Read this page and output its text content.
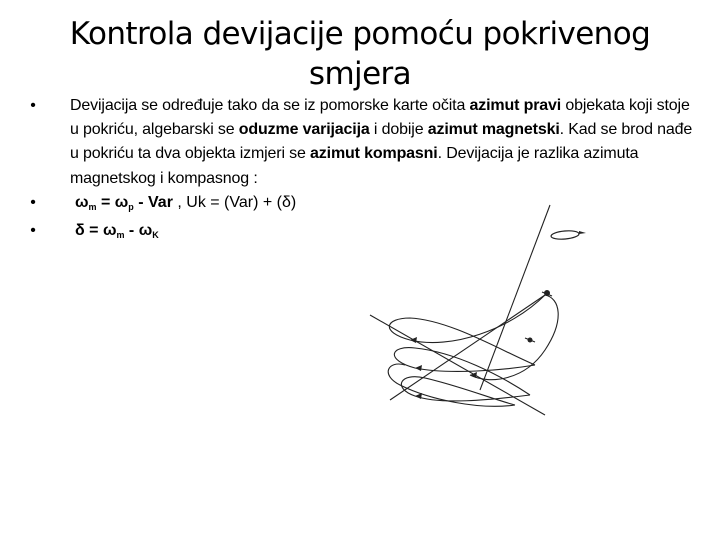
Kontrola devijacije pomoću pokrivenog
smjera
• Devijacija se određuje tako da se iz pomorske karte očita azimut pravi objekata koji stoje u pokriću, algebarski se oduzme varijacija i dobije azimut magnetski. Kad se brod nađe u pokriću ta dva objekta izmjeri se azimut kompasni. Devijacija je razlika azimuta magnetskog i kompasnog :
• $\omega_m = \omega_p$ - Var , Uk = (Var) + (δ)
• $\delta = \omega_m - \omega_K$
